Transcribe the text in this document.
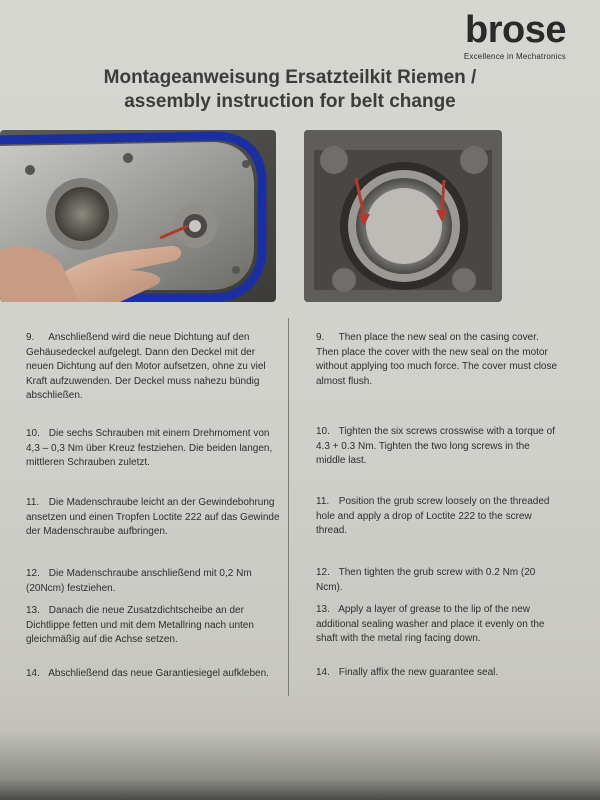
brose
Excellence in Mechatronics
Montageanweisung Ersatzteilkit Riemen /
assembly instruction for belt change
9. Anschließend wird die neue Dichtung auf den Gehäusedeckel aufgelegt. Dann den Deckel mit der neuen Dichtung auf den Motor aufsetzen, ohne zu viel Kraft aufzuwenden. Der Deckel muss nahezu bündig abschließen.
10. Die sechs Schrauben mit einem Drehmoment von 4,3 – 0,3 Nm über Kreuz festziehen. Die beiden langen, mittleren Schrauben zuletzt.
11. Die Madenschraube leicht an der Gewindebohrung ansetzen und einen Tropfen Loctite 222 auf das Gewinde der Madenschraube aufbringen.
12. Die Madenschraube anschließend mit 0,2 Nm (20Ncm) festziehen.
13. Danach die neue Zusatzdichtscheibe an der Dichtlippe fetten und mit dem Metallring nach unten gleichmäßig auf die Achse setzen.
14. Abschließend das neue Garantiesiegel aufkleben.
9. Then place the new seal on the casing cover. Then place the cover with the new seal on the motor without applying too much force. The cover must close almost flush.
10. Tighten the six screws crosswise with a torque of 4.3 + 0.3 Nm. Tighten the two long screws in the middle last.
11. Position the grub screw loosely on the threaded hole and apply a drop of Loctite 222 to the screw thread.
12. Then tighten the grub screw with 0.2 Nm (20 Ncm).
13. Apply a layer of grease to the lip of the new additional sealing washer and place it evenly on the shaft with the metal ring facing down.
14. Finally affix the new guarantee seal.
